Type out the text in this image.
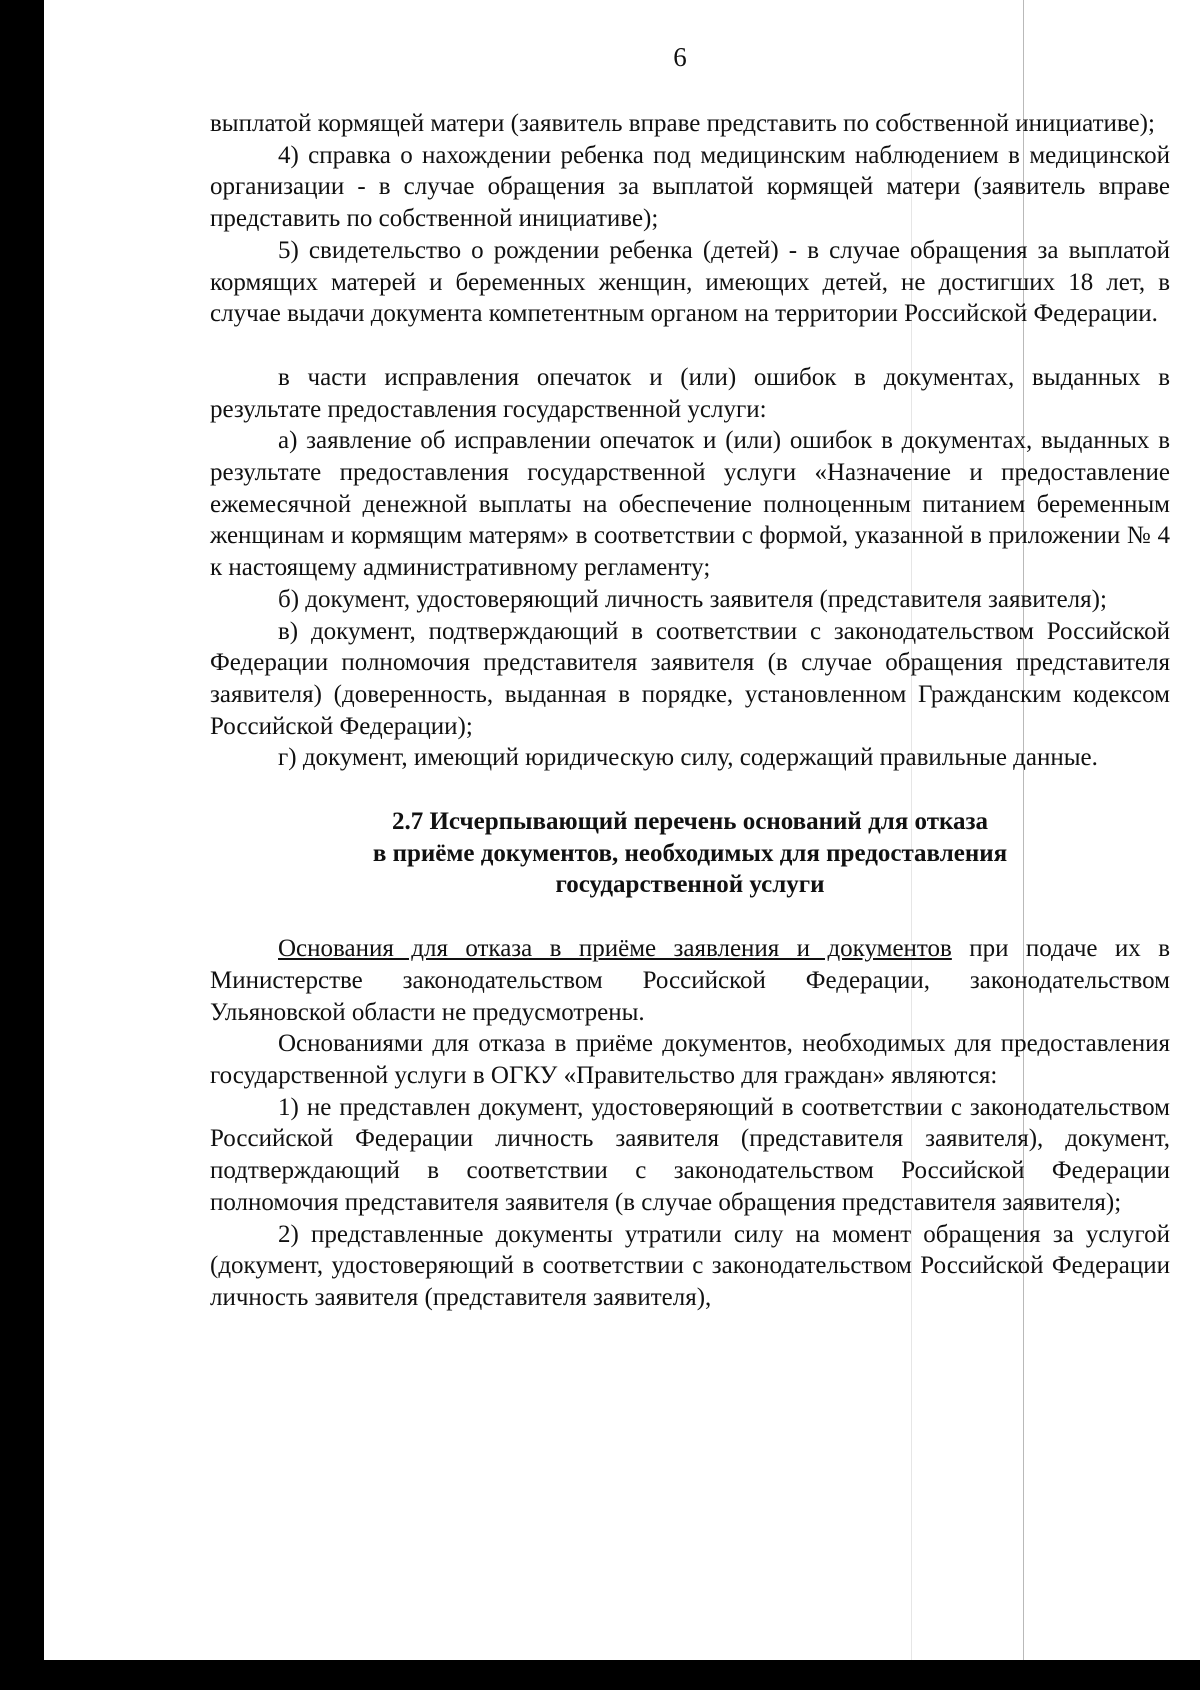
6

выплатой кормящей матери (заявитель вправе представить по собственной инициативе);

4) справка о нахождении ребенка под медицинским наблюдением в медицинской организации - в случае обращения за выплатой кормящей матери (заявитель вправе представить по собственной инициативе);

5) свидетельство о рождении ребенка (детей) - в случае обращения за выплатой кормящих матерей и беременных женщин, имеющих детей, не достигших 18 лет, в случае выдачи документа компетентным органом на территории Российской Федерации.

в части исправления опечаток и (или) ошибок в документах, выданных в результате предоставления государственной услуги:

а) заявление об исправлении опечаток и (или) ошибок в документах, выданных в результате предоставления государственной услуги «Назначение и предоставление ежемесячной денежной выплаты на обеспечение полноценным питанием беременным женщинам и кормящим матерям» в соответствии с формой, указанной в приложении № 4 к настоящему административному регламенту;

б) документ, удостоверяющий личность заявителя (представителя заявителя);

в) документ, подтверждающий в соответствии с законодательством Российской Федерации полномочия представителя заявителя (в случае обращения представителя заявителя) (доверенность, выданная в порядке, установленном Гражданским кодексом Российской Федерации);

г) документ, имеющий юридическую силу, содержащий правильные данные.

2.7 Исчерпывающий перечень оснований для отказа

в приёме документов, необходимых для предоставления

государственной услуги

Основания для отказа в приёме заявления и документов при подаче их в Министерстве законодательством Российской Федерации, законодательством Ульяновской области не предусмотрены.

Основаниями для отказа в приёме документов, необходимых для предоставления государственной услуги в ОГКУ «Правительство для граждан» являются:

1) не представлен документ, удостоверяющий в соответствии с законодательством Российской Федерации личность заявителя (представителя заявителя), документ, подтверждающий в соответствии с законодательством Российской Федерации полномочия представителя заявителя (в случае обращения представителя заявителя);

2) представленные документы утратили силу на момент обращения за услугой (документ, удостоверяющий в соответствии с законодательством Российской Федерации личность заявителя (представителя заявителя),
